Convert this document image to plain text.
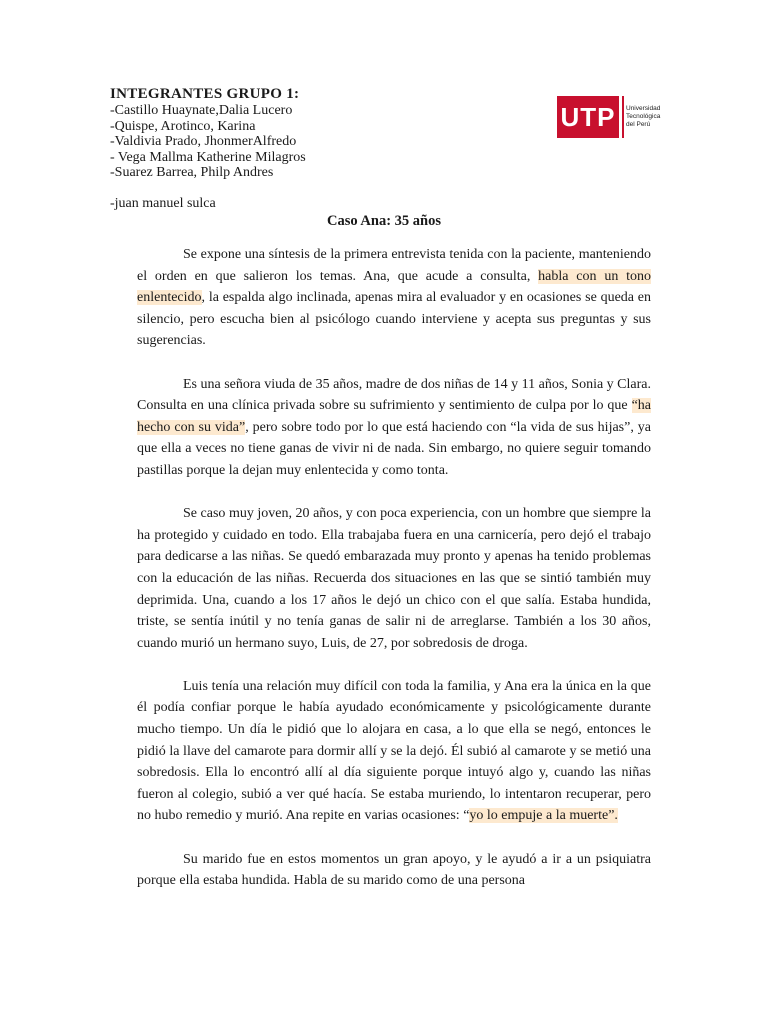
INTEGRANTES GRUPO 1:

-Castillo Huaynate,Dalia Lucero
-Quispe, Arotinco, Karina
-Valdivia Prado, JhonmerAlfredo
- Vega Mallma Katherine Milagros
-Suarez Barrea, Philp Andres
-juan manuel sulca
UTP Universidad
Tecnológica
del Perú
Caso Ana: 35 años

Se expone una síntesis de la primera entrevista tenida con la paciente, manteniendo el orden en que salieron los temas. Ana, que acude a consulta, habla con un tono enlentecido, la espalda algo inclinada, apenas mira al evaluador y en ocasiones se queda en silencio, pero escucha bien al psicólogo cuando interviene y acepta sus preguntas y sus sugerencias.

Es una señora viuda de 35 años, madre de dos niñas de 14 y 11 años, Sonia y Clara. Consulta en una clínica privada sobre su sufrimiento y sentimiento de culpa por lo que “ha hecho con su vida”, pero sobre todo por lo que está haciendo con “la vida de sus hijas”, ya que ella a veces no tiene ganas de vivir ni de nada. Sin embargo, no quiere seguir tomando pastillas porque la dejan muy enlentecida y como tonta.

Se caso muy joven, 20 años, y con poca experiencia, con un hombre que siempre la ha protegido y cuidado en todo. Ella trabajaba fuera en una carnicería, pero dejó el trabajo para dedicarse a las niñas. Se quedó embarazada muy pronto y apenas ha tenido problemas con la educación de las niñas. Recuerda dos situaciones en las que se sintió también muy deprimida. Una, cuando a los 17 años le dejó un chico con el que salía. Estaba hundida, triste, se sentía inútil y no tenía ganas de salir ni de arreglarse. También a los 30 años, cuando murió un hermano suyo, Luis, de 27, por sobredosis de droga.

Luis tenía una relación muy difícil con toda la familia, y Ana era la única en la que él podía confiar porque le había ayudado económicamente y psicológicamente durante mucho tiempo. Un día le pidió que lo alojara en casa, a lo que ella se negó, entonces le pidió la llave del camarote para dormir allí y se la dejó. Él subió al camarote y se metió una sobredosis. Ella lo encontró allí al día siguiente porque intuyó algo y, cuando las niñas fueron al colegio, subió a ver qué hacía. Se estaba muriendo, lo intentaron recuperar, pero no hubo remedio y murió. Ana repite en varias ocasiones: “yo lo empuje a la muerte”.

Su marido fue en estos momentos un gran apoyo, y le ayudó a ir a un psiquiatra porque ella estaba hundida. Habla de su marido como de una persona
